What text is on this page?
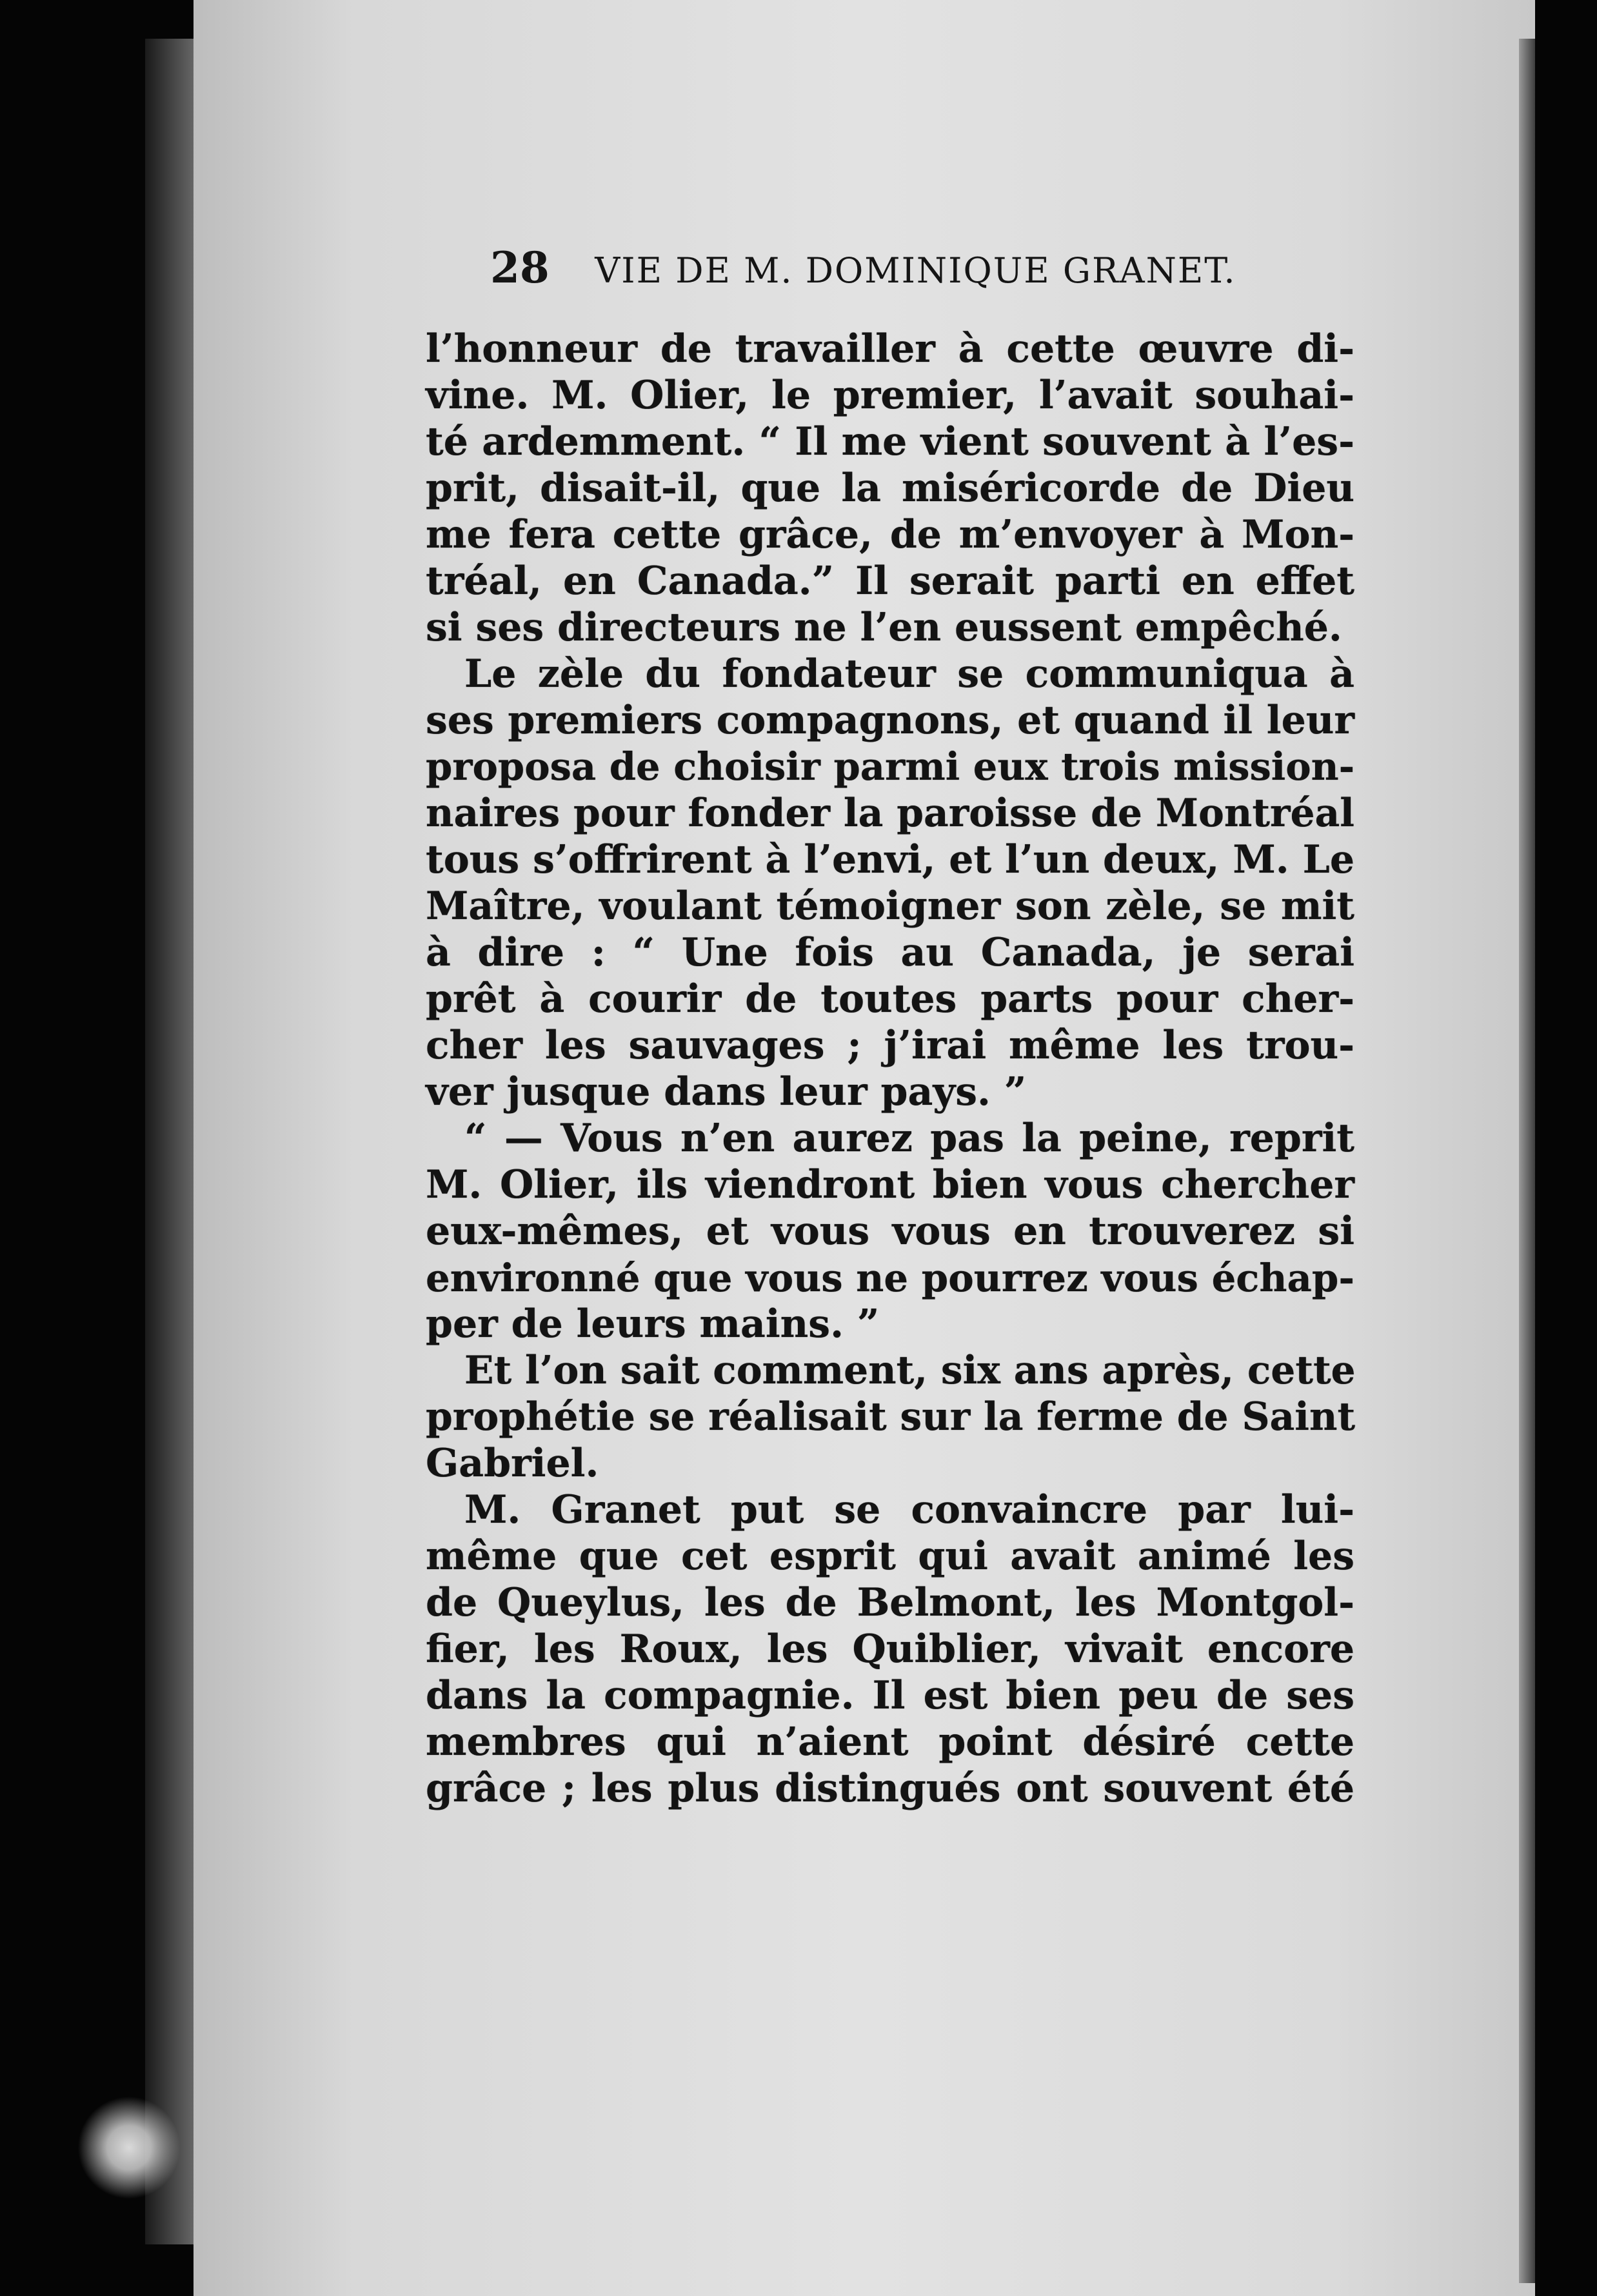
28 VIE DE M. DOMINIQUE GRANET.
l’honneur de travailler à cette œuvre di-
vine. M. Olier, le premier, l’avait souhai-
té ardemment. “ Il me vient souvent à l’es-
prit, disait-il, que la miséricorde de Dieu
me fera cette grâce, de m’envoyer à Mon-
tréal, en Canada.” Il serait parti en effet
si ses directeurs ne l’en eussent empêché.
Le zèle du fondateur se communiqua à
ses premiers compagnons, et quand il leur
proposa de choisir parmi eux trois mission-
naires pour fonder la paroisse de Montréal
tous s’offrirent à l’envi, et l’un deux, M. Le
Maître, voulant témoigner son zèle, se mit
à dire : “ Une fois au Canada, je serai
prêt à courir de toutes parts pour cher-
cher les sauvages ; j’irai même les trou-
ver jusque dans leur pays. ”
“ — Vous n’en aurez pas la peine, reprit
M. Olier, ils viendront bien vous chercher
eux-mêmes, et vous vous en trouverez si
environné que vous ne pourrez vous échap-
per de leurs mains. ”
Et l’on sait comment, six ans après, cette
prophétie se réalisait sur la ferme de Saint
Gabriel.
M. Granet put se convaincre par lui-
même que cet esprit qui avait animé les
de Queylus, les de Belmont, les Montgol-
fier, les Roux, les Quiblier, vivait encore
dans la compagnie. Il est bien peu de ses
membres qui n’aient point désiré cette
grâce ; les plus distingués ont souvent été
